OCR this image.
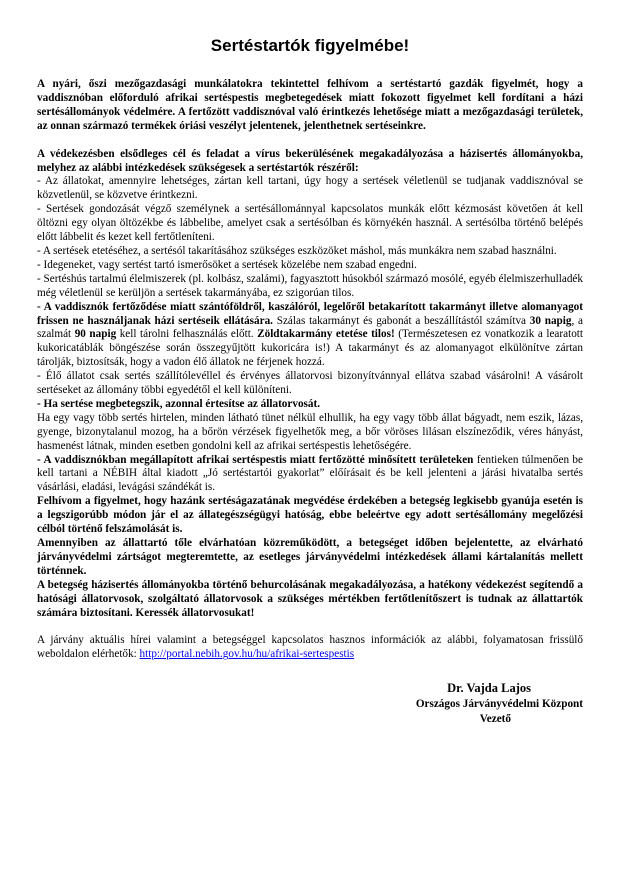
Sertéstartók figyelmébe!

A nyári, őszi mezőgazdasági munkálatokra tekintettel felhívom a sertéstartó gazdák figyelmét, hogy a vaddisznóban előforduló afrikai sertéspestis megbetegedések miatt fokozott figyelmet kell fordítani a házi sertésállományok védelmére. A fertőzött vaddisznóval való érintkezés lehetősége miatt a mezőgazdasági területek, az onnan származó termékek óriási veszélyt jelentenek, jelenthetnek sertéseinkre.

A védekezésben elsődleges cél és feladat a vírus bekerülésének megakadályozása a házisertés állományokba, melyhez az alábbi intézkedések szükségesek a sertéstartók részéről:

- Az állatokat, amennyire lehetséges, zártan kell tartani, úgy hogy a sertések véletlenül se tudjanak vaddisznóval se közvetlenül, se közvetve érintkezni.

- Sertések gondozását végző személynek a sertésállománnyal kapcsolatos munkák előtt kézmosást követően át kell öltözni egy olyan öltözékbe és lábbelibe, amelyet csak a sertésólban és környékén használ. A sertésólba történő belépés előtt lábbelit és kezet kell fertőtleníteni.

- A sertések etetéséhez, a sertésól takarításához szükséges eszközöket máshol, más munkákra nem szabad használni.

- Idegeneket, vagy sertést tartó ismerősöket a sertések közelébe nem szabad engedni.

- Sertéshús tartalmú élelmiszerek (pl. kolbász, szalámi), fagyasztott húsokból származó mosólé, egyéb élelmiszerhulladék még véletlenül se kerüljön a sertések takarmányába, ez szigorúan tilos.

- A vaddisznók fertőződése miatt szántóföldről, kaszálóról, legelőről betakarított takarmányt illetve alomanyagot frissen ne használjanak házi sertéseik ellátására. Szálas takarmányt és gabonát a beszállítástól számítva 30 napig, a szalmát 90 napig kell tárolni felhasználás előtt. Zöldtakarmány etetése tilos! (Természetesen ez vonatkozik a learatott kukoricatáblák böngészése során összegyűjtött kukoricára is!) A takarmányt és az alomanyagot elkülönítve zártan tárolják, biztosítsák, hogy a vadon élő állatok ne férjenek hozzá.

- Élő állatot csak sertés szállítólevéllel és érvényes állatorvosi bizonyítvánnyal ellátva szabad vásárolni! A vásárolt sertéseket az állomány többi egyedétől el kell különíteni.

- Ha sertése megbetegszik, azonnal értesítse az állatorvosát.

Ha egy vagy több sertés hirtelen, minden látható tünet nélkül elhullik, ha egy vagy több állat bágyadt, nem eszik, lázas, gyenge, bizonytalanul mozog, ha a bőrön vérzések figyelhetők meg, a bőr vöröses lilásan elszíneződik, véres hányást, hasmenést látnak, minden esetben gondolni kell az afrikai sertéspestis lehetőségére.

- A vaddisznókban megállapított afrikai sertéspestis miatt fertőzötté minősített területeken fentieken túlmenően be kell tartani a NÉBIH által kiadott „Jó sertéstartói gyakorlat” előírásait és be kell jelenteni a járási hivatalba sertés vásárlási, eladási, levágási szándékát is.

Felhívom a figyelmet, hogy hazánk sertéságazatának megvédése érdekében a betegség legkisebb gyanúja esetén is a legszigorúbb módon jár el az állategészségügyi hatóság, ebbe beleértve egy adott sertésállomány megelőzési célból történő felszámolását is.

Amennyiben az állattartó tőle elvárhatóan közreműködött, a betegséget időben bejelentette, az elvárható járványvédelmi zártságot megteremtette, az esetleges járványvédelmi intézkedések állami kártalanítás mellett történnek.

A betegség házisertés állományokba történő behurcolásának megakadályozása, a hatékony védekezést segítendő a hatósági állatorvosok, szolgáltató állatorvosok a szükséges mértékben fertőtlenítőszert is tudnak az állattartók számára biztosítani. Keressék állatorvosukat!

A járvány aktuális hírei valamint a betegséggel kapcsolatos hasznos információk az alábbi, folyamatosan frissülő weboldalon elérhetők: http://portal.nebih.gov.hu/hu/afrikai-sertespestis

Dr. Vajda Lajos
Országos Járványvédelmi Központ
Vezető
